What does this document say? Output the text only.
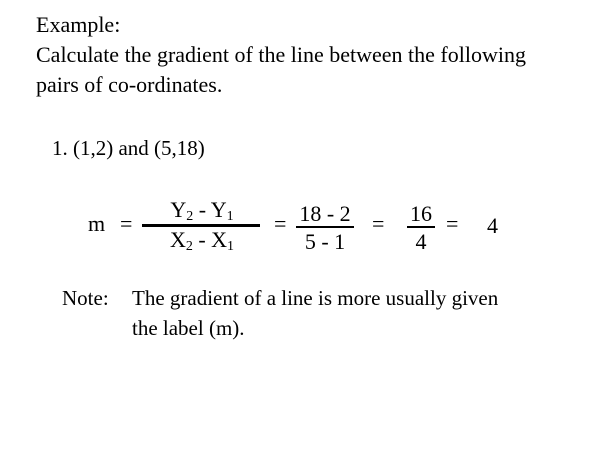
Example:
Calculate the gradient of the line between the following
pairs of co-ordinates.
1. (1,2) and (5,18)
m =
$Y_2 - Y_1$
$X_2 - X_1$
= 18 - 2
5 - 1
= 16
4
= 4
Note: The gradient of a line is more usually given
the label (m).
